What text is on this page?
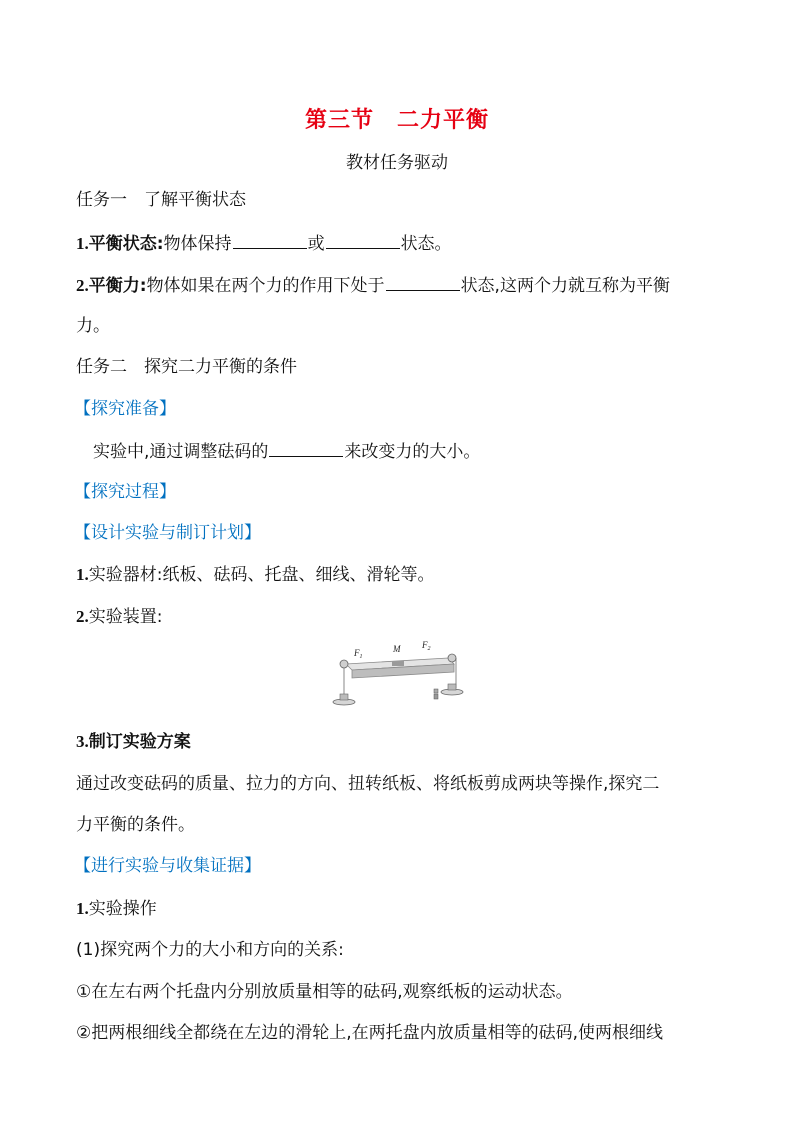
第三节　二力平衡
教材任务驱动
任务一　了解平衡状态
1.平衡状态:物体保持	或	状态。
2.平衡力:物体如果在两个力的作用下处于	状态,这两个力就互称为平衡
力。
任务二　探究二力平衡的条件
【探究准备】
实验中,通过调整砝码的	来改变力的大小。
【探究过程】
【设计实验与制订计划】
1.实验器材:纸板、砝码、托盘、细线、滑轮等。
2.实验装置:
$F_1$
M $F_2$
3.制订实验方案
通过改变砝码的质量、拉力的方向、扭转纸板、将纸板剪成两块等操作,探究二
力平衡的条件。
【进行实验与收集证据】
1.实验操作
(1)探究两个力的大小和方向的关系:
①在左右两个托盘内分别放质量相等的砝码,观察纸板的运动状态。
②把两根细线全都绕在左边的滑轮上,在两托盘内放质量相等的砝码,使两根细线
